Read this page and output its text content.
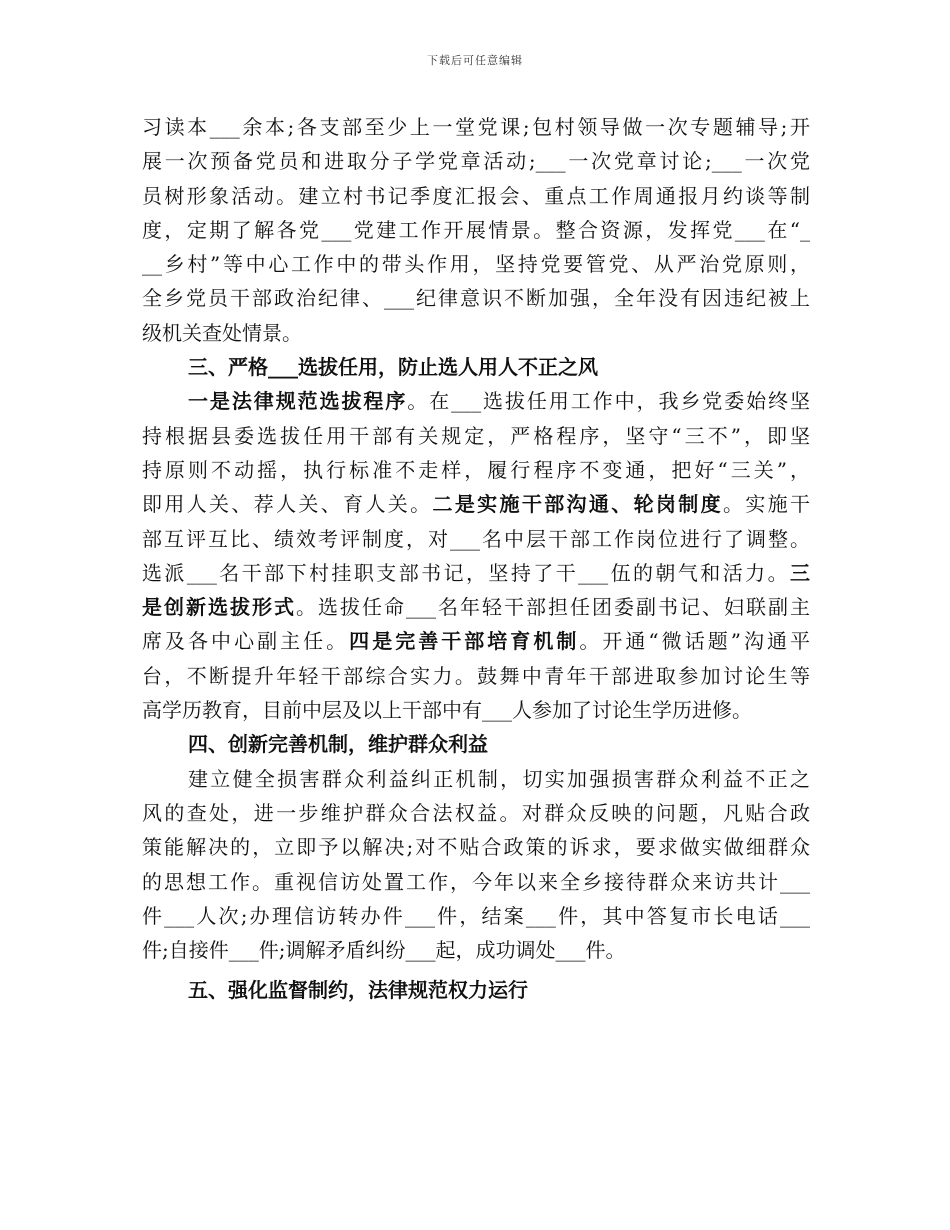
下载后可任意编辑
习读本___余本;各支部至少上一堂党课;包村领导做一次专题辅导;开
展一次预备党员和进取分子学党章活动;___一次党章讨论;___一次党
员树形象活动。建立村书记季度汇报会、重点工作周通报月约谈等制
度，定期了解各党___党建工作开展情景。整合资源，发挥党___在“_
__乡村”等中心工作中的带头作用，坚持党要管党、从严治党原则，
全乡党员干部政治纪律、___纪律意识不断加强，全年没有因违纪被上
级机关查处情景。
三、严格___选拔任用，防止选人用人不正之风
一是法律规范选拔程序。在___选拔任用工作中，我乡党委始终坚
持根据县委选拔任用干部有关规定，严格程序，坚守“三不”，即坚
持原则不动摇，执行标准不走样，履行程序不变通，把好“三关”，
即用人关、荐人关、育人关。二是实施干部沟通、轮岗制度。实施干
部互评互比、绩效考评制度，对___名中层干部工作岗位进行了调整。
选派___名干部下村挂职支部书记，坚持了干___伍的朝气和活力。三
是创新选拔形式。选拔任命___名年轻干部担任团委副书记、妇联副主
席及各中心副主任。四是完善干部培育机制。开通“微话题”沟通平
台，不断提升年轻干部综合实力。鼓舞中青年干部进取参加讨论生等
高学历教育，目前中层及以上干部中有___人参加了讨论生学历进修。
四、创新完善机制，维护群众利益
建立健全损害群众利益纠正机制，切实加强损害群众利益不正之
风的查处，进一步维护群众合法权益。对群众反映的问题，凡贴合政
策能解决的，立即予以解决;对不贴合政策的诉求，要求做实做细群众
的思想工作。重视信访处置工作，今年以来全乡接待群众来访共计___
件___人次;办理信访转办件___件，结案___件，其中答复市长电话___
件;自接件___件;调解矛盾纠纷___起，成功调处___件。
五、强化监督制约，法律规范权力运行
